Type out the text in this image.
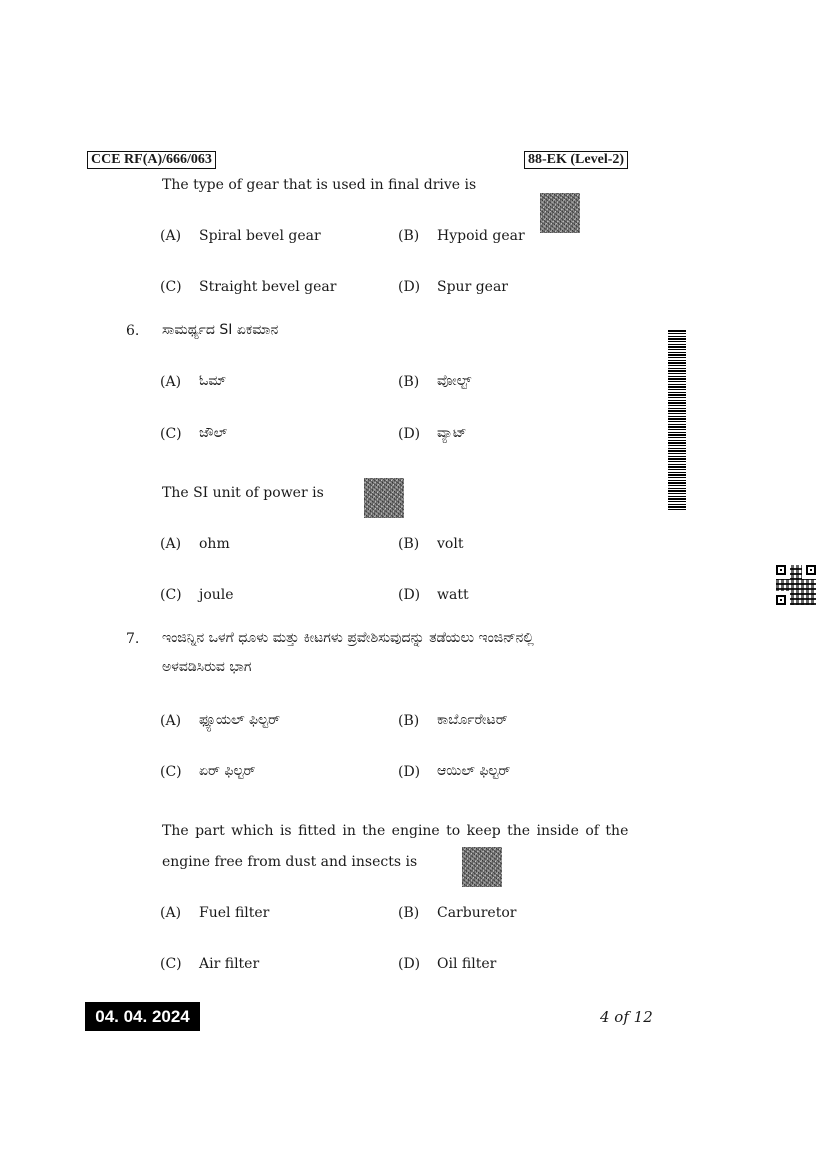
CCE RF(A)/666/063	88-EK (Level-2)
The type of gear that is used in final drive is
(A) Spiral bevel gear	(B) Hypoid gear
(C) Straight bevel gear	(D) Spur gear
6. ಸಾಮರ್ಥ್ಯದ SI ಏಕಮಾನ
(A) ಓಮ್	(B) ವೋಲ್ಟ್
(C) ಜೌಲ್	(D) ವ್ಯಾಟ್
The SI unit of power is
(A) ohm	(B) volt
(C) joule	(D) watt
7. ಇಂಜಿನ್ನಿನ ಒಳಗೆ ಧೂಳು ಮತ್ತು ಕೀಟಗಳು ಪ್ರವೇಶಿಸುವುದನ್ನು ತಡೆಯಲು ಇಂಜಿನ್‌ನಲ್ಲಿ
ಅಳವಡಿಸಿರುವ ಭಾಗ
(A) ಫ್ಯೂಯಲ್ ಫಿಲ್ಟರ್	(B) ಕಾರ್ಬೊರೇಟರ್
(C) ಏರ್ ಫಿಲ್ಟರ್	(D) ಆಯಿಲ್ ಫಿಲ್ಟರ್
The part which is fitted in the engine to keep the inside of the
engine free from dust and insects is
(A) Fuel filter	(B) Carburetor
(C) Air filter	(D) Oil filter
04. 04. 2024	4 of 12
